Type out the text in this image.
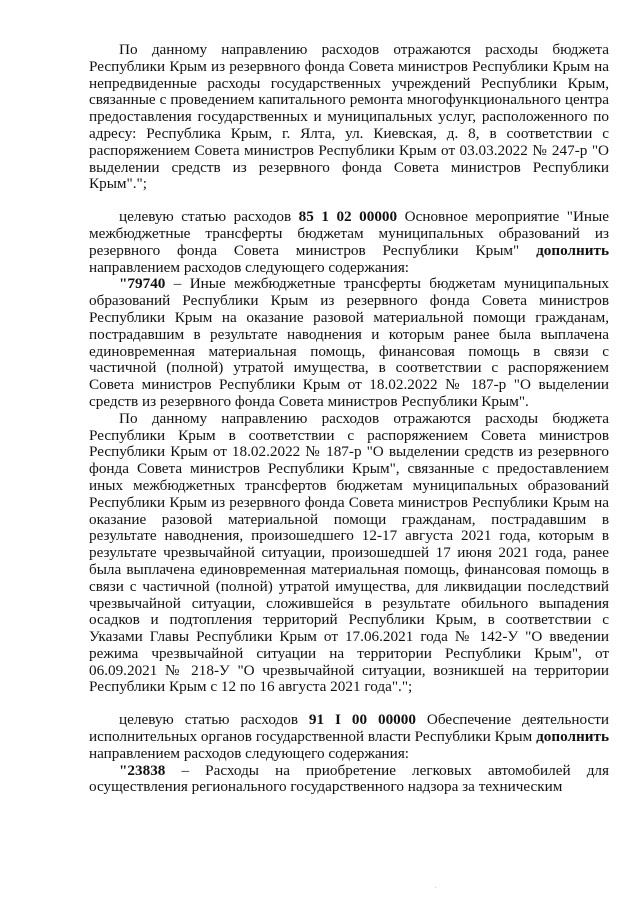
По данному направлению расходов отражаются расходы бюджета Республики Крым из резервного фонда Совета министров Республики Крым на непредвиденные расходы государственных учреждений Республики Крым, связанные с проведением капитального ремонта многофункционального центра предоставления государственных и муниципальных услуг, расположенного по адресу: Республика Крым, г. Ялта, ул. Киевская, д. 8, в соответствии с распоряжением Совета министров Республики Крым от 03.03.2022 № 247-р "О выделении средств из резервного фонда Совета министров Республики Крым".";

целевую статью расходов 85 1 02 00000 Основное мероприятие "Иные межбюджетные трансферты бюджетам муниципальных образований из резервного фонда Совета министров Республики Крым" дополнить направлением расходов следующего содержания:

"79740 – Иные межбюджетные трансферты бюджетам муниципальных образований Республики Крым из резервного фонда Совета министров Республики Крым на оказание разовой материальной помощи гражданам, пострадавшим в результате наводнения и которым ранее была выплачена единовременная материальная помощь, финансовая помощь в связи с частичной (полной) утратой имущества, в соответствии с распоряжением Совета министров Республики Крым от 18.02.2022 № 187-р "О выделении средств из резервного фонда Совета министров Республики Крым".

По данному направлению расходов отражаются расходы бюджета Республики Крым в соответствии с распоряжением Совета министров Республики Крым от 18.02.2022 № 187-р "О выделении средств из резервного фонда Совета министров Республики Крым", связанные с предоставлением иных межбюджетных трансфертов бюджетам муниципальных образований Республики Крым из резервного фонда Совета министров Республики Крым на оказание разовой материальной помощи гражданам, пострадавшим в результате наводнения, произошедшего 12-17 августа 2021 года, которым в результате чрезвычайной ситуации, произошедшей 17 июня 2021 года, ранее была выплачена единовременная материальная помощь, финансовая помощь в связи с частичной (полной) утратой имущества, для ликвидации последствий чрезвычайной ситуации, сложившейся в результате обильного выпадения осадков и подтопления территорий Республики Крым, в соответствии с Указами Главы Республики Крым от 17.06.2021 года № 142-У "О введении режима чрезвычайной ситуации на территории Республики Крым", от 06.09.2021 № 218-У "О чрезвычайной ситуации, возникшей на территории Республики Крым с 12 по 16 августа 2021 года".";

целевую статью расходов 91 I 00 00000 Обеспечение деятельности исполнительных органов государственной власти Республики Крым дополнить направлением расходов следующего содержания:

"23838 – Расходы на приобретение легковых автомобилей для осуществления регионального государственного надзора за техническим

.
